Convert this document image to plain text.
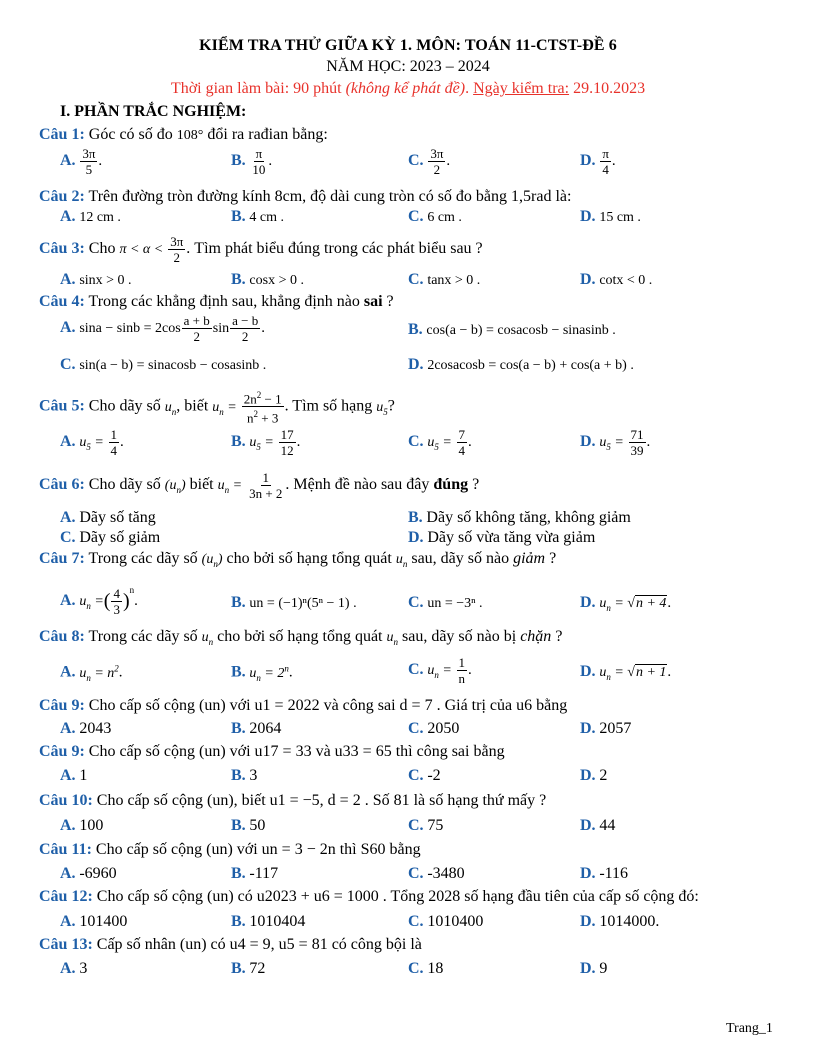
KIỂM TRA THỬ GIỮA KỲ 1. MÔN: TOÁN 11-CTST-ĐỀ 6
NĂM HỌC: 2023 – 2024
Thời gian làm bài: 90 phút (không kể phát đề). Ngày kiểm tra: 29.10.2023
I. PHẦN TRẮC NGHIỆM:
Câu 1: Góc có số đo 108° đổi ra rađian bằng:
A. $\frac{3\pi}{5}$ .	B. $\frac{\pi}{10}$ .	C. $\frac{3\pi}{2}$ .	D. $\frac{\pi}{4}$ .
Câu 2: Trên đường tròn đường kính 8cm, độ dài cung tròn có số đo bằng 1,5rad là:
A. 12 cm .	B. 4 cm .	C. 6 cm .	D. 15 cm .
Câu 3: Cho $\pi < \alpha < \frac{3\pi}{2}$ . Tìm phát biểu đúng trong các phát biểu sau ?
A. sinx > 0 .	B. cosx > 0 .	C. tanx > 0 .	D. cotx < 0 .
Câu 4: Trong các khẳng định sau, khẳng định nào sai ?
A. $\sin a - \sin b = 2\cos \frac{a + b}{2}$ $\sin \frac{a - b}{2}$ .	B. cos(a − b) = cosacosb − sinasinb .
C. sin(a − b) = sinacosb − cosasinb .	D. 2cosacosb = cos(a − b) + cos(a + b) .
Câu 5: Cho dãy số $u_n$, biết $u_n = \frac{2n^2 - 1}{n^2 + 3}$ . Tìm số hạng $u_5$?
A. $u_5 = \frac{1}{4}$ .	B. $u_5 = \frac{17}{12}$ .	C. $u_5 = \frac{7}{4}$ .	D. $u_5 = \frac{71}{39}$ .
Câu 6: Cho dãy số $(u_n)$ biết $u_n = \frac{1}{3n + 2}$ . Mệnh đề nào sau đây đúng ?
A. Dãy số tăng	B. Dãy số không tăng, không giảm
C. Dãy số giảm	D. Dãy số vừa tăng vừa giảm
Câu 7: Trong các dãy số $(u_n)$ cho bởi số hạng tổng quát $u_n$ sau, dãy số nào giảm ?
A. $u_n$ =( $\frac{4}{3} )^n$.	B. un = (−1)ⁿ(5ⁿ − 1) .	C. un = −3ⁿ .	D. $u_n = √n + 4$.
Câu 8: Trong các dãy số $u_n$ cho bởi số hạng tổng quát $u_n$ sau, dãy số nào bị chặn ?
A. $u_n = n^2$.	B. $u_n = 2^n$.	C. $u_n = \frac{1}{n}$ .	D. $u_n = √n + 1$.
Câu 9: Cho cấp số cộng (un) với u1 = 2022 và công sai d = 7 . Giá trị của u6 bằng
A. 2043	B. 2064	C. 2050	D. 2057
Câu 9: Cho cấp số cộng (un) với u17 = 33 và u33 = 65 thì công sai bằng
A. 1	B. 3	C. -2	D. 2
Câu 10: Cho cấp số cộng (un), biết u1 = −5, d = 2 . Số 81 là số hạng thứ mấy ?
A. 100	B. 50	C. 75	D. 44
Câu 11: Cho cấp số cộng (un) với un = 3 − 2n thì S60 bằng
A. -6960	B. -117	C. -3480	D. -116
Câu 12: Cho cấp số cộng (un) có u2023 + u6 = 1000 . Tổng 2028 số hạng đầu tiên của cấp số cộng đó:
A. 101400	B. 1010404	C. 1010400	D. 1014000.
Câu 13: Cấp số nhân (un) có u4 = 9, u5 = 81 có công bội là
A. 3	B. 72	C. 18	D. 9
Trang_1
